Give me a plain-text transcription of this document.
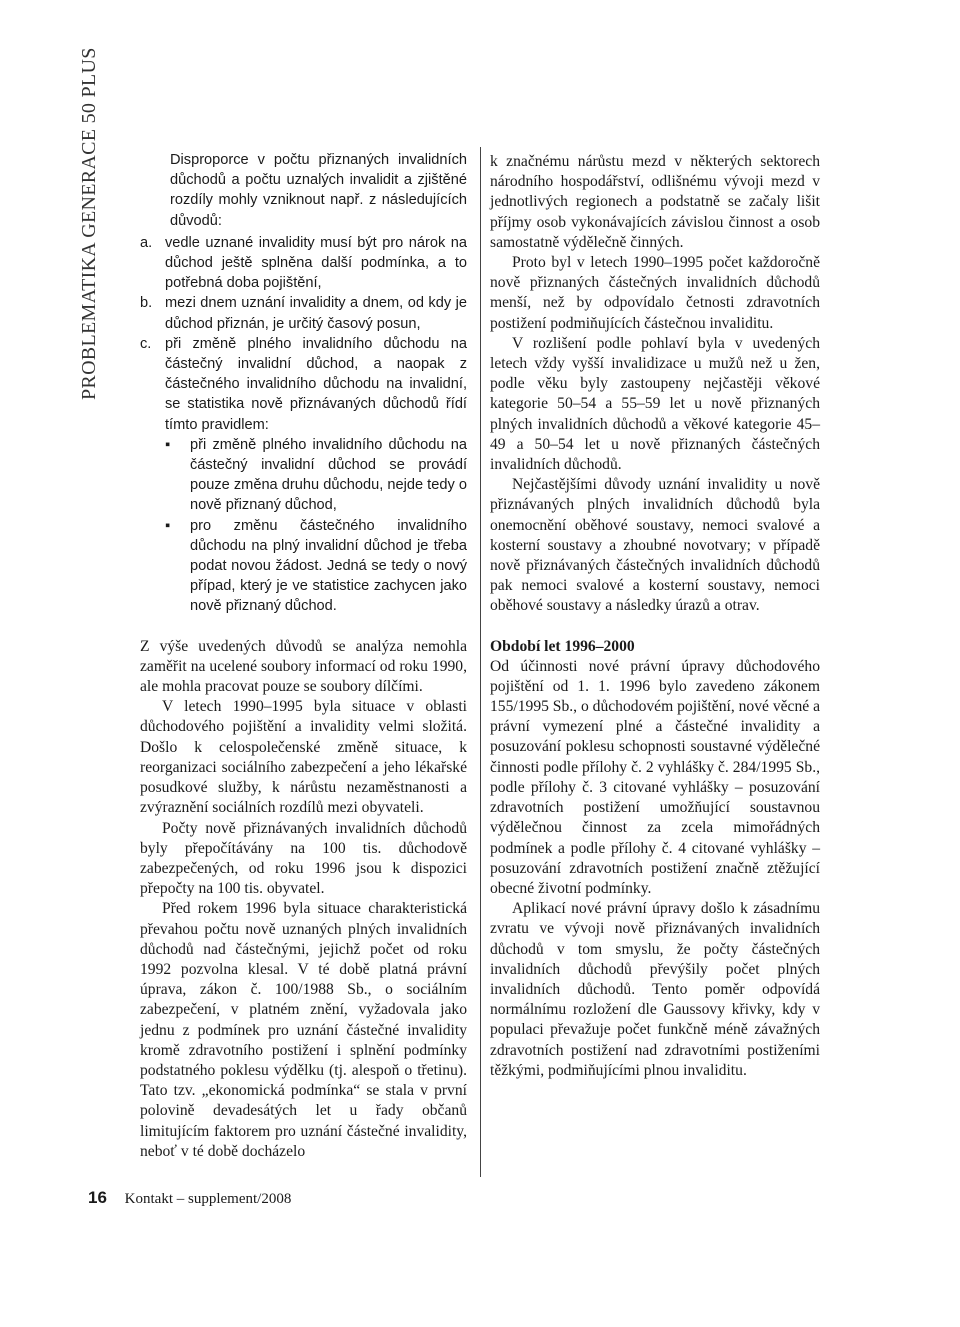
PROBLEMATIKA GENERACE 50 PLUS	Disproporce v počtu přiznaných invalidních důchodů a počtu uznalých invalidit a zjištěné rozdíly mohly vzniknout např. z následujících důvodů:

a. vedle uznané invalidity musí být pro nárok na důchod ještě splněna další podmínka, a to potřebná doba pojištění,
b. mezi dnem uznání invalidity a dnem, od kdy je důchod přiznán, je určitý časový posun,
c. při změně plného invalidního důchodu na částečný invalidní důchod, a naopak z částečného invalidního důchodu na invalidní, se statistika nově přiznávaných důchodů řídí tímto pravidlem:
▪ při změně plného invalidního důchodu na částečný invalidní důchod se provádí pouze změna druhu důchodu, nejde tedy o nově přiznaný důchod,
▪ pro změnu částečného invalidního důchodu na plný invalidní důchod je třeba podat novou žádost. Jedná se tedy o nový případ, který je ve statistice zachycen jako nově přiznaný důchod.

Z výše uvedených důvodů se analýza nemohla zaměřit na ucelené soubory informací od roku 1990, ale mohla pracovat pouze se soubory dílčími.

V letech 1990–1995 byla situace v oblasti důchodového pojištění a invalidity velmi složitá. Došlo k celospolečenské změně situace, k reorganizaci sociálního zabezpečení a jeho lékařské posudkové služby, k nárůstu nezaměstnanosti a zvýraznění sociálních rozdílů mezi obyvateli.

Počty nově přiznávaných invalidních důchodů byly přepočítávány na 100 tis. důchodově zabezpečených, od roku 1996 jsou k dispozici přepočty na 100 tis. obyvatel.

Před rokem 1996 byla situace charakteristická převahou počtu nově uznaných plných invalidních důchodů nad částečnými, jejichž počet od roku 1992 pozvolna klesal. V té době platná právní úprava, zákon č. 100/1988 Sb., o sociálním zabezpečení, v platném znění, vyžadovala jako jednu z podmínek pro uznání částečné invalidity kromě zdravotního postižení i splnění podmínky podstatného poklesu výdělku (tj. alespoň o třetinu). Tato tzv. „ekonomická podmínka“ se stala v první polovině devadesátých let u řady občanů limitujícím faktorem pro uznání částečné invalidity, neboť v té době docházelo

k značnému nárůstu mezd v některých sektorech národního hospodářství, odlišnému vývoji mezd v jednotlivých regionech a podstatně se začaly lišit příjmy osob vykonávajících závislou činnost a osob samostatně výdělečně činných.

Proto byl v letech 1990–1995 počet každoročně nově přiznaných částečných invalidních důchodů menší, než by odpovídalo četnosti zdravotních postižení podmiňujících částečnou invaliditu.

V rozlišení podle pohlaví byla v uvedených letech vždy vyšší invalidizace u mužů než u žen, podle věku byly zastoupeny nejčastěji věkové kategorie 50–54 a 55–59 let u nově přiznaných plných invalidních důchodů a věkové kategorie 45–49 a 50–54 let u nově přiznaných částečných invalidních důchodů.

Nejčastějšími důvody uznání invalidity u nově přiznávaných plných invalidních důchodů byla onemocnění oběhové soustavy, nemoci svalové a kosterní soustavy a zhoubné novotvary; v případě nově přiznávaných částečných invalidních důchodů pak nemoci svalové a kosterní soustavy, nemoci oběhové soustavy a následky úrazů a otrav.

Období let 1996–2000

Od účinnosti nové právní úpravy důchodového pojištění od 1. 1. 1996 bylo zavedeno zákonem 155/1995 Sb., o důchodovém pojištění, nové věcné a právní vymezení plné a částečné invalidity a posuzování poklesu schopnosti soustavné výdělečné činnosti podle přílohy č. 2 vyhlášky č. 284/1995 Sb., podle přílohy č. 3 citované vyhlášky – posuzování zdravotních postižení umožňující soustavnou výdělečnou činnost za zcela mimořádných podmínek a podle přílohy č. 4 citované vyhlášky – posuzování zdravotních postižení značně ztěžující obecné životní podmínky.

Aplikací nové právní úpravy došlo k zásadnímu zvratu ve vývoji nově přiznávaných invalidních důchodů v tom smyslu, že počty částečných invalidních důchodů převýšily počet plných invalidních důchodů. Tento poměr odpovídá normálnímu rozložení dle Gaussovy křivky, kdy v populaci převažuje počet funkčně méně závažných zdravotních postižení nad zdravotními postiženími těžkými, podmiňujícími plnou invaliditu.

16 Kontakt – supplement/2008
